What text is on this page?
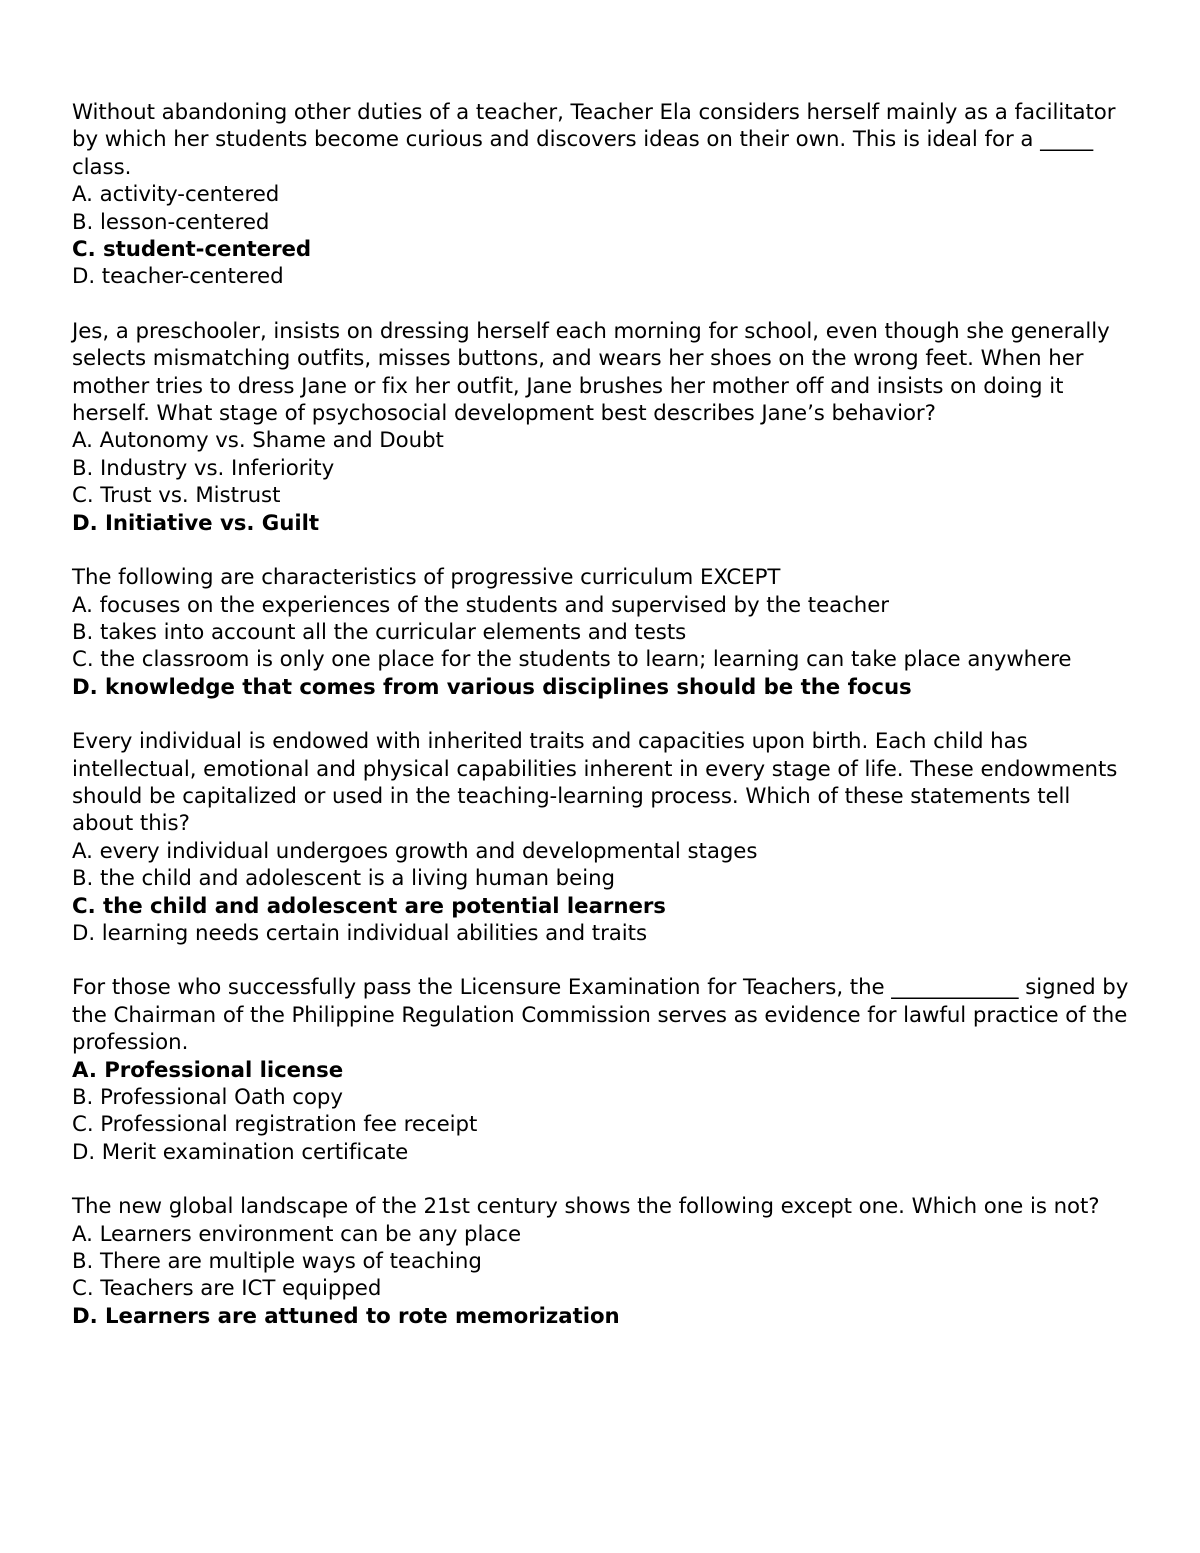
Without abandoning other duties of a teacher, Teacher Ela considers herself mainly as a facilitator by which her students become curious and discovers ideas on their own. This is ideal for a _____ class.

A. activity-centered

B. lesson-centered

C. student-centered

D. teacher-centered

Jes, a preschooler, insists on dressing herself each morning for school, even though she generally selects mismatching outfits, misses buttons, and wears her shoes on the wrong feet. When her mother tries to dress Jane or fix her outfit, Jane brushes her mother off and insists on doing it herself. What stage of psychosocial development best describes Jane’s behavior?

A. Autonomy vs. Shame and Doubt

B. Industry vs. Inferiority

C. Trust vs. Mistrust

D. Initiative vs. Guilt

The following are characteristics of progressive curriculum EXCEPT

A. focuses on the experiences of the students and supervised by the teacher

B. takes into account all the curricular elements and tests

C. the classroom is only one place for the students to learn; learning can take place anywhere

D. knowledge that comes from various disciplines should be the focus

Every individual is endowed with inherited traits and capacities upon birth. Each child has intellectual, emotional and physical capabilities inherent in every stage of life. These endowments should be capitalized or used in the teaching-learning process. Which of these statements tell about this?

A. every individual undergoes growth and developmental stages

B. the child and adolescent is a living human being

C. the child and adolescent are potential learners

D. learning needs certain individual abilities and traits

For those who successfully pass the Licensure Examination for Teachers, the ____________ signed by the Chairman of the Philippine Regulation Commission serves as evidence for lawful practice of the profession.

A. Professional license

B. Professional Oath copy

C. Professional registration fee receipt

D. Merit examination certificate

The new global landscape of the 21st century shows the following except one. Which one is not?

A. Learners environment can be any place

B. There are multiple ways of teaching

C. Teachers are ICT equipped

D. Learners are attuned to rote memorization
